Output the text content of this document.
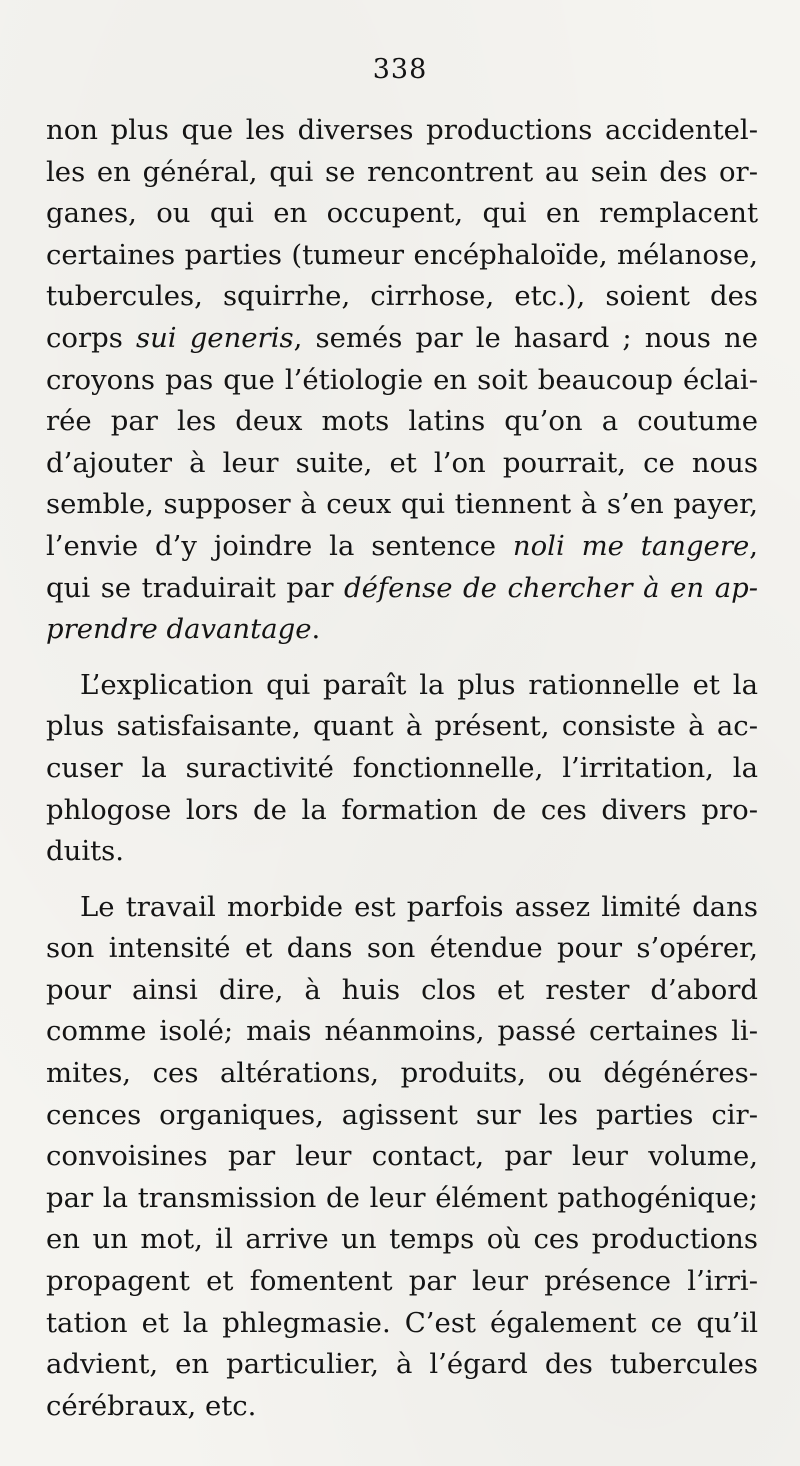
338
non plus que les diverses productions accidentel-
les en général, qui se rencontrent au sein des or-
ganes, ou qui en occupent, qui en remplacent
certaines parties (tumeur encéphaloïde, mélanose,
tubercules, squirrhe, cirrhose, etc.), soient des
corps sui generis, semés par le hasard ; nous ne
croyons pas que l’étiologie en soit beaucoup éclai-
rée par les deux mots latins qu’on a coutume
d’ajouter à leur suite, et l’on pourrait, ce nous
semble, supposer à ceux qui tiennent à s’en payer,
l’envie d’y joindre la sentence noli me tangere,
qui se traduirait par défense de chercher à en ap-
prendre davantage.
L’explication qui paraît la plus rationnelle et la
plus satisfaisante, quant à présent, consiste à ac-
cuser la suractivité fonctionnelle, l’irritation, la
phlogose lors de la formation de ces divers pro-
duits.
Le travail morbide est parfois assez limité dans
son intensité et dans son étendue pour s’opérer,
pour ainsi dire, à huis clos et rester d’abord
comme isolé; mais néanmoins, passé certaines li-
mites, ces altérations, produits, ou dégénéres-
cences organiques, agissent sur les parties cir-
convoisines par leur contact, par leur volume,
par la transmission de leur élément pathogénique;
en un mot, il arrive un temps où ces productions
propagent et fomentent par leur présence l’irri-
tation et la phlegmasie. C’est également ce qu’il
advient, en particulier, à l’égard des tubercules
cérébraux, etc.
